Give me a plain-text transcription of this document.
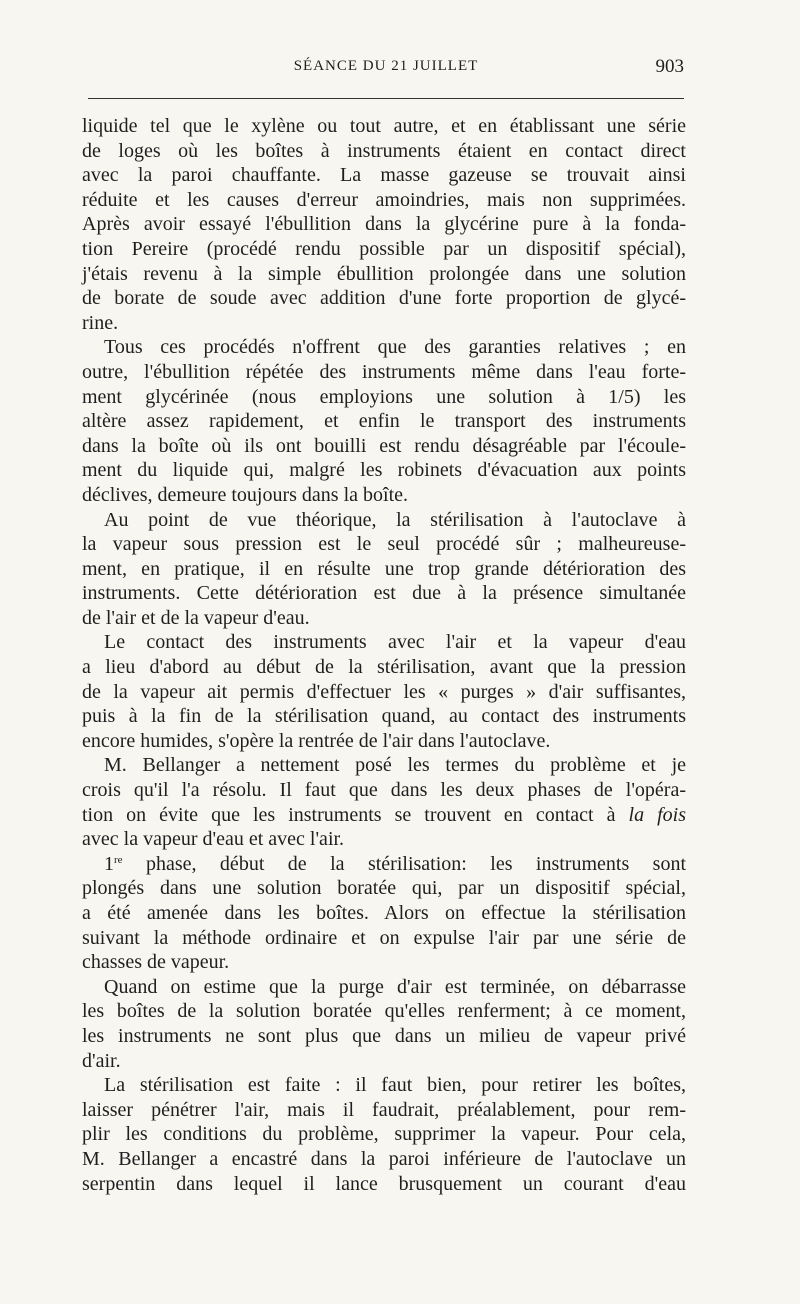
SÉANCE DU 21 JUILLET	903

liquide tel que le xylène ou tout autre, et en établissant une série
de loges où les boîtes à instruments étaient en contact direct
avec la paroi chauffante. La masse gazeuse se trouvait ainsi
réduite et les causes d'erreur amoindries, mais non supprimées.
Après avoir essayé l'ébullition dans la glycérine pure à la fonda-
tion Pereire (procédé rendu possible par un dispositif spécial),
j'étais revenu à la simple ébullition prolongée dans une solution
de borate de soude avec addition d'une forte proportion de glycé-
rine.

Tous ces procédés n'offrent que des garanties relatives ; en
outre, l'ébullition répétée des instruments même dans l'eau forte-
ment glycérinée (nous employions une solution à 1/5) les
altère assez rapidement, et enfin le transport des instruments
dans la boîte où ils ont bouilli est rendu désagréable par l'écoule-
ment du liquide qui, malgré les robinets d'évacuation aux points
déclives, demeure toujours dans la boîte.

Au point de vue théorique, la stérilisation à l'autoclave à
la vapeur sous pression est le seul procédé sûr ; malheureuse-
ment, en pratique, il en résulte une trop grande détérioration des
instruments. Cette détérioration est due à la présence simultanée
de l'air et de la vapeur d'eau.

Le contact des instruments avec l'air et la vapeur d'eau
a lieu d'abord au début de la stérilisation, avant que la pression
de la vapeur ait permis d'effectuer les « purges » d'air suffisantes,
puis à la fin de la stérilisation quand, au contact des instruments
encore humides, s'opère la rentrée de l'air dans l'autoclave.

M. Bellanger a nettement posé les termes du problème et je
crois qu'il l'a résolu. Il faut que dans les deux phases de l'opéra-
tion on évite que les instruments se trouvent en contact à la fois
avec la vapeur d'eau et avec l'air.

1re phase, début de la stérilisation: les instruments sont
plongés dans une solution boratée qui, par un dispositif spécial,
a été amenée dans les boîtes. Alors on effectue la stérilisation
suivant la méthode ordinaire et on expulse l'air par une série de
chasses de vapeur.

Quand on estime que la purge d'air est terminée, on débarrasse
les boîtes de la solution boratée qu'elles renferment; à ce moment,
les instruments ne sont plus que dans un milieu de vapeur privé
d'air.

La stérilisation est faite : il faut bien, pour retirer les boîtes,
laisser pénétrer l'air, mais il faudrait, préalablement, pour rem-
plir les conditions du problème, supprimer la vapeur. Pour cela,
M. Bellanger a encastré dans la paroi inférieure de l'autoclave un
serpentin dans lequel il lance brusquement un courant d'eau
